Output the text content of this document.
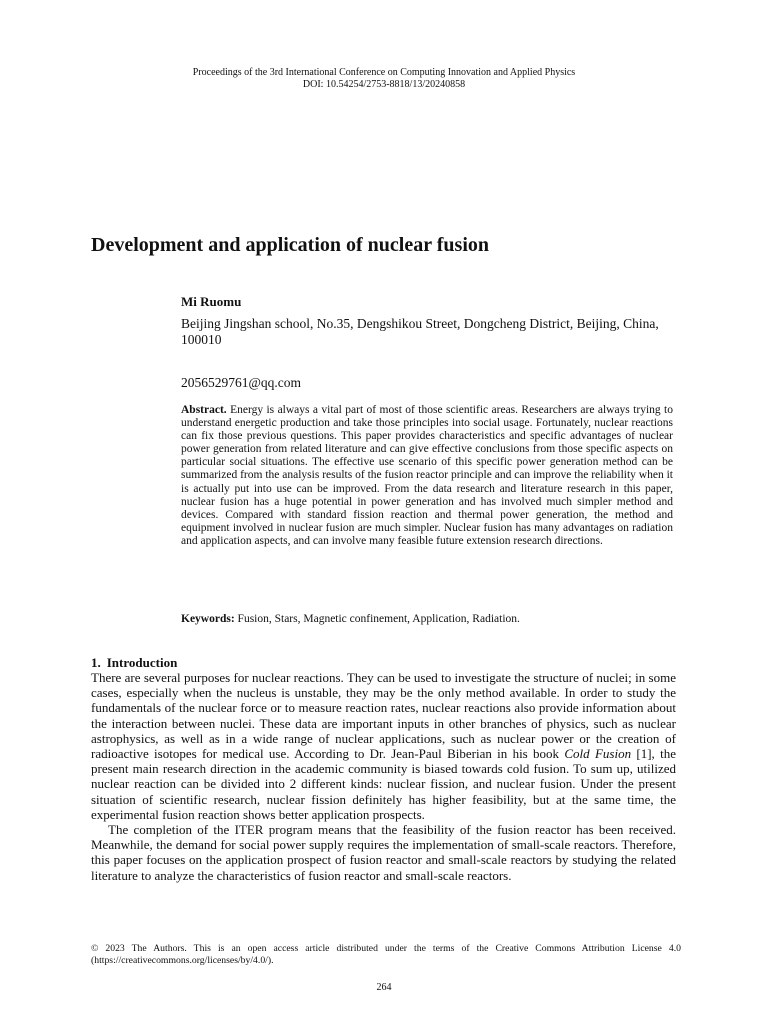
Proceedings of the 3rd International Conference on Computing Innovation and Applied Physics
DOI: 10.54254/2753-8818/13/20240858
Development and application of nuclear fusion
Mi Ruomu
Beijing Jingshan school, No.35, Dengshikou Street, Dongcheng District, Beijing, China, 100010
2056529761@qq.com
Abstract. Energy is always a vital part of most of those scientific areas. Researchers are always trying to understand energetic production and take those principles into social usage. Fortunately, nuclear reactions can fix those previous questions. This paper provides characteristics and specific advantages of nuclear power generation from related literature and can give effective conclusions from those specific aspects on particular social situations. The effective use scenario of this specific power generation method can be summarized from the analysis results of the fusion reactor principle and can improve the reliability when it is actually put into use can be improved. From the data research and literature research in this paper, nuclear fusion has a huge potential in power generation and has involved much simpler method and devices. Compared with standard fission reaction and thermal power generation, the method and equipment involved in nuclear fusion are much simpler. Nuclear fusion has many advantages on radiation and application aspects, and can involve many feasible future extension research directions.
Keywords: Fusion, Stars, Magnetic confinement, Application, Radiation.
1. Introduction

There are several purposes for nuclear reactions. They can be used to investigate the structure of nuclei; in some cases, especially when the nucleus is unstable, they may be the only method available. In order to study the fundamentals of the nuclear force or to measure reaction rates, nuclear reactions also provide information about the interaction between nuclei. These data are important inputs in other branches of physics, such as nuclear astrophysics, as well as in a wide range of nuclear applications, such as nuclear power or the creation of radioactive isotopes for medical use. According to Dr. Jean-Paul Biberian in his book Cold Fusion [1], the present main research direction in the academic community is biased towards cold fusion. To sum up, utilized nuclear reaction can be divided into 2 different kinds: nuclear fission, and nuclear fusion. Under the present situation of scientific research, nuclear fission definitely has higher feasibility, but at the same time, the experimental fusion reaction shows better application prospects.

The completion of the ITER program means that the feasibility of the fusion reactor has been received. Meanwhile, the demand for social power supply requires the implementation of small-scale reactors. Therefore, this paper focuses on the application prospect of fusion reactor and small-scale reactors by studying the related literature to analyze the characteristics of fusion reactor and small-scale reactors.

© 2023 The Authors. This is an open access article distributed under the terms of the Creative Commons Attribution License 4.0 (https://creativecommons.org/licenses/by/4.0/).
264
